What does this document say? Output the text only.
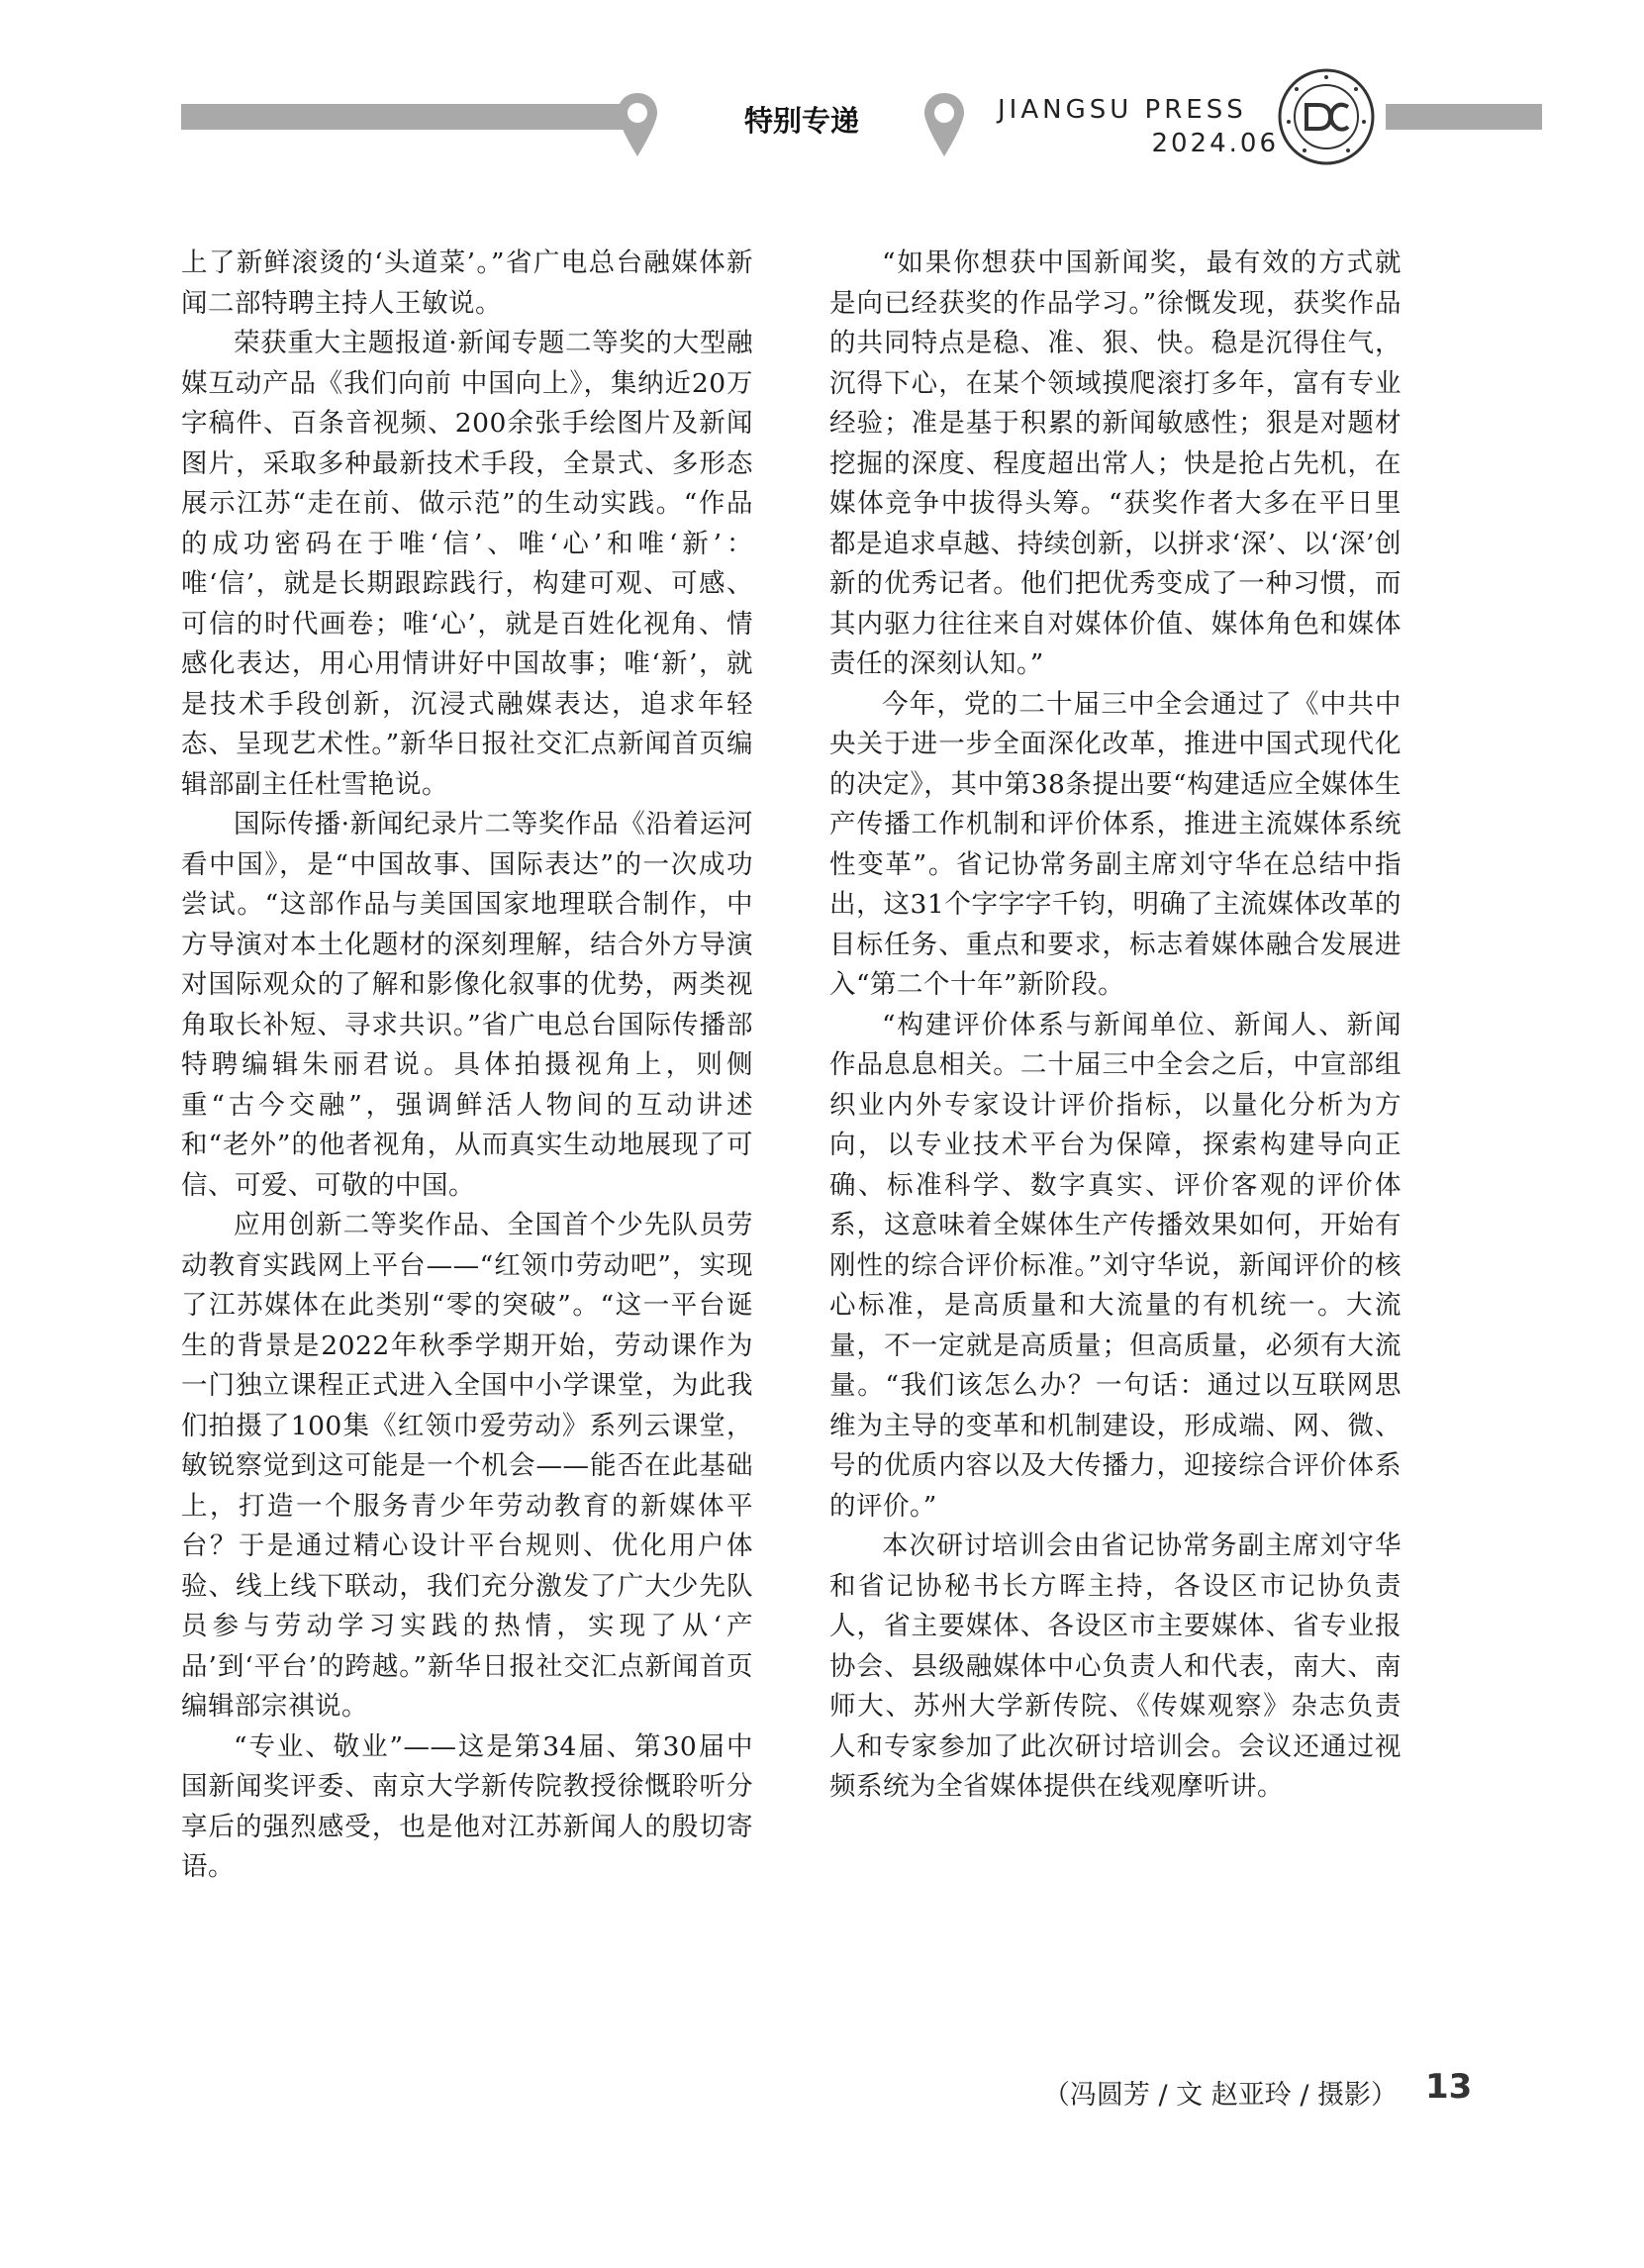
特别专递	JIANGSU PRESS
2024.06

上了新鲜滚烫的‘头道菜’。”省广电总台融媒体新闻二部特聘主持人王敏说。

荣获重大主题报道·新闻专题二等奖的大型融媒互动产品《我们向前 中国向上》，集纳近20万字稿件、百条音视频、200余张手绘图片及新闻图片，采取多种最新技术手段，全景式、多形态展示江苏“走在前、做示范”的生动实践。“作品的成功密码在于唯‘信’、唯‘心’和唯‘新’：唯‘信’，就是长期跟踪践行，构建可观、可感、可信的时代画卷；唯‘心’，就是百姓化视角、情感化表达，用心用情讲好中国故事；唯‘新’，就是技术手段创新，沉浸式融媒表达，追求年轻态、呈现艺术性。”新华日报社交汇点新闻首页编辑部副主任杜雪艳说。

国际传播·新闻纪录片二等奖作品《沿着运河看中国》，是“中国故事、国际表达”的一次成功尝试。“这部作品与美国国家地理联合制作，中方导演对本土化题材的深刻理解，结合外方导演对国际观众的了解和影像化叙事的优势，两类视角取长补短、寻求共识。”省广电总台国际传播部特聘编辑朱丽君说。具体拍摄视角上，则侧重“古今交融”，强调鲜活人物间的互动讲述和“老外”的他者视角，从而真实生动地展现了可信、可爱、可敬的中国。

应用创新二等奖作品、全国首个少先队员劳动教育实践网上平台——“红领巾劳动吧”，实现了江苏媒体在此类别“零的突破”。“这一平台诞生的背景是2022年秋季学期开始，劳动课作为一门独立课程正式进入全国中小学课堂，为此我们拍摄了100集《红领巾爱劳动》系列云课堂，敏锐察觉到这可能是一个机会——能否在此基础上，打造一个服务青少年劳动教育的新媒体平台？于是通过精心设计平台规则、优化用户体验、线上线下联动，我们充分激发了广大少先队员参与劳动学习实践的热情，实现了从‘产品’到‘平台’的跨越。”新华日报社交汇点新闻首页编辑部宗祺说。

“专业、敬业”——这是第34届、第30届中国新闻奖评委、南京大学新传院教授徐慨聆听分享后的强烈感受，也是他对江苏新闻人的殷切寄语。

“如果你想获中国新闻奖，最有效的方式就是向已经获奖的作品学习。”徐慨发现，获奖作品的共同特点是稳、准、狠、快。稳是沉得住气，沉得下心，在某个领域摸爬滚打多年，富有专业经验；准是基于积累的新闻敏感性；狠是对题材挖掘的深度、程度超出常人；快是抢占先机，在媒体竞争中拔得头筹。“获奖作者大多在平日里都是追求卓越、持续创新，以拼求‘深’、以‘深’创新的优秀记者。他们把优秀变成了一种习惯，而其内驱力往往来自对媒体价值、媒体角色和媒体责任的深刻认知。”

今年，党的二十届三中全会通过了《中共中央关于进一步全面深化改革，推进中国式现代化的决定》，其中第38条提出要“构建适应全媒体生产传播工作机制和评价体系，推进主流媒体系统性变革”。省记协常务副主席刘守华在总结中指出，这31个字字字千钧，明确了主流媒体改革的目标任务、重点和要求，标志着媒体融合发展进入“第二个十年”新阶段。

“构建评价体系与新闻单位、新闻人、新闻作品息息相关。二十届三中全会之后，中宣部组织业内外专家设计评价指标，以量化分析为方向，以专业技术平台为保障，探索构建导向正确、标准科学、数字真实、评价客观的评价体系，这意味着全媒体生产传播效果如何，开始有刚性的综合评价标准。”刘守华说，新闻评价的核心标准，是高质量和大流量的有机统一。大流量，不一定就是高质量；但高质量，必须有大流量。“我们该怎么办？一句话：通过以互联网思维为主导的变革和机制建设，形成端、网、微、号的优质内容以及大传播力，迎接综合评价体系的评价。”

本次研讨培训会由省记协常务副主席刘守华和省记协秘书长方晖主持，各设区市记协负责人，省主要媒体、各设区市主要媒体、省专业报协会、县级融媒体中心负责人和代表，南大、南师大、苏州大学新传院、《传媒观察》杂志负责人和专家参加了此次研讨培训会。会议还通过视频系统为全省媒体提供在线观摩听讲。

（冯圆芳 / 文 赵亚玲 / 摄影） 13
